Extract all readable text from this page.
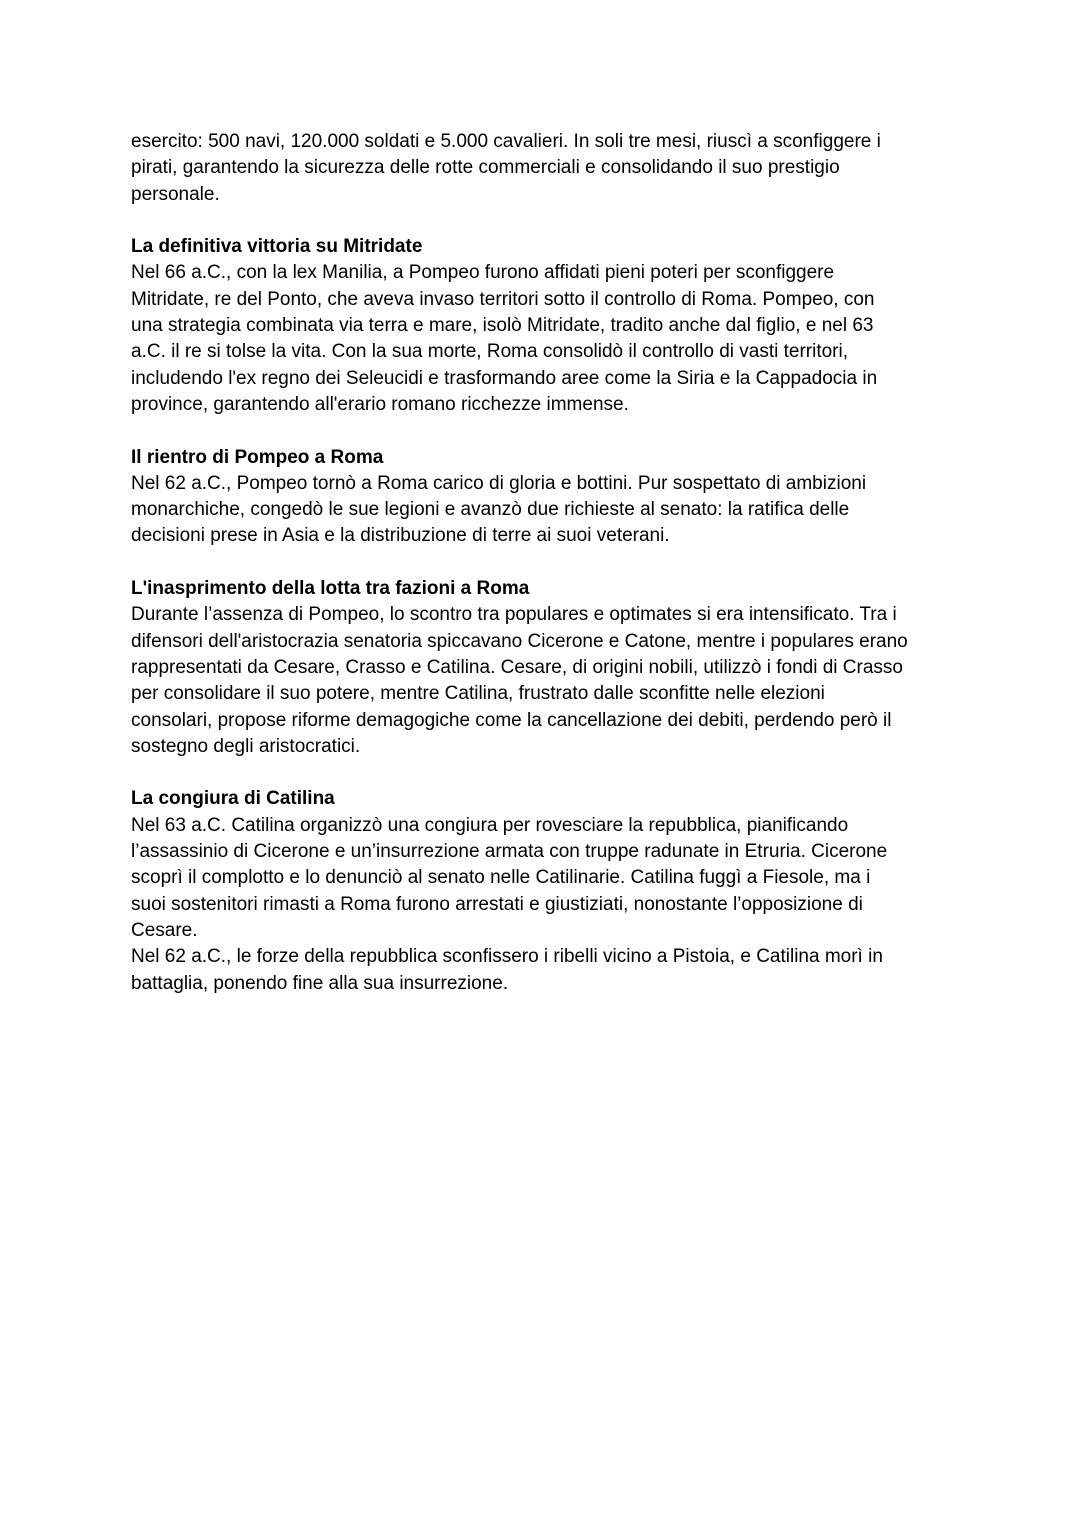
esercito: 500 navi, 120.000 soldati e 5.000 cavalieri. In soli tre mesi, riuscì a sconfiggere i
pirati, garantendo la sicurezza delle rotte commerciali e consolidando il suo prestigio
personale.

La definitiva vittoria su Mitridate

Nel 66 a.C., con la lex Manilia, a Pompeo furono affidati pieni poteri per sconfiggere
Mitridate, re del Ponto, che aveva invaso territori sotto il controllo di Roma. Pompeo, con
una strategia combinata via terra e mare, isolò Mitridate, tradito anche dal figlio, e nel 63
a.C. il re si tolse la vita. Con la sua morte, Roma consolidò il controllo di vasti territori,
includendo l'ex regno dei Seleucidi e trasformando aree come la Siria e la Cappadocia in
province, garantendo all'erario romano ricchezze immense.

Il rientro di Pompeo a Roma

Nel 62 a.C., Pompeo tornò a Roma carico di gloria e bottini. Pur sospettato di ambizioni
monarchiche, congedò le sue legioni e avanzò due richieste al senato: la ratifica delle
decisioni prese in Asia e la distribuzione di terre ai suoi veterani.

L'inasprimento della lotta tra fazioni a Roma

Durante l’assenza di Pompeo, lo scontro tra populares e optimates si era intensificato. Tra i
difensori dell'aristocrazia senatoria spiccavano Cicerone e Catone, mentre i populares erano
rappresentati da Cesare, Crasso e Catilina. Cesare, di origini nobili, utilizzò i fondi di Crasso
per consolidare il suo potere, mentre Catilina, frustrato dalle sconfitte nelle elezioni
consolari, propose riforme demagogiche come la cancellazione dei debiti, perdendo però il
sostegno degli aristocratici.

La congiura di Catilina

Nel 63 a.C. Catilina organizzò una congiura per rovesciare la repubblica, pianificando
l’assassinio di Cicerone e un’insurrezione armata con truppe radunate in Etruria. Cicerone
scoprì il complotto e lo denunciò al senato nelle Catilinarie. Catilina fuggì a Fiesole, ma i
suoi sostenitori rimasti a Roma furono arrestati e giustiziati, nonostante l’opposizione di
Cesare.
Nel 62 a.C., le forze della repubblica sconfissero i ribelli vicino a Pistoia, e Catilina morì in
battaglia, ponendo fine alla sua insurrezione.
